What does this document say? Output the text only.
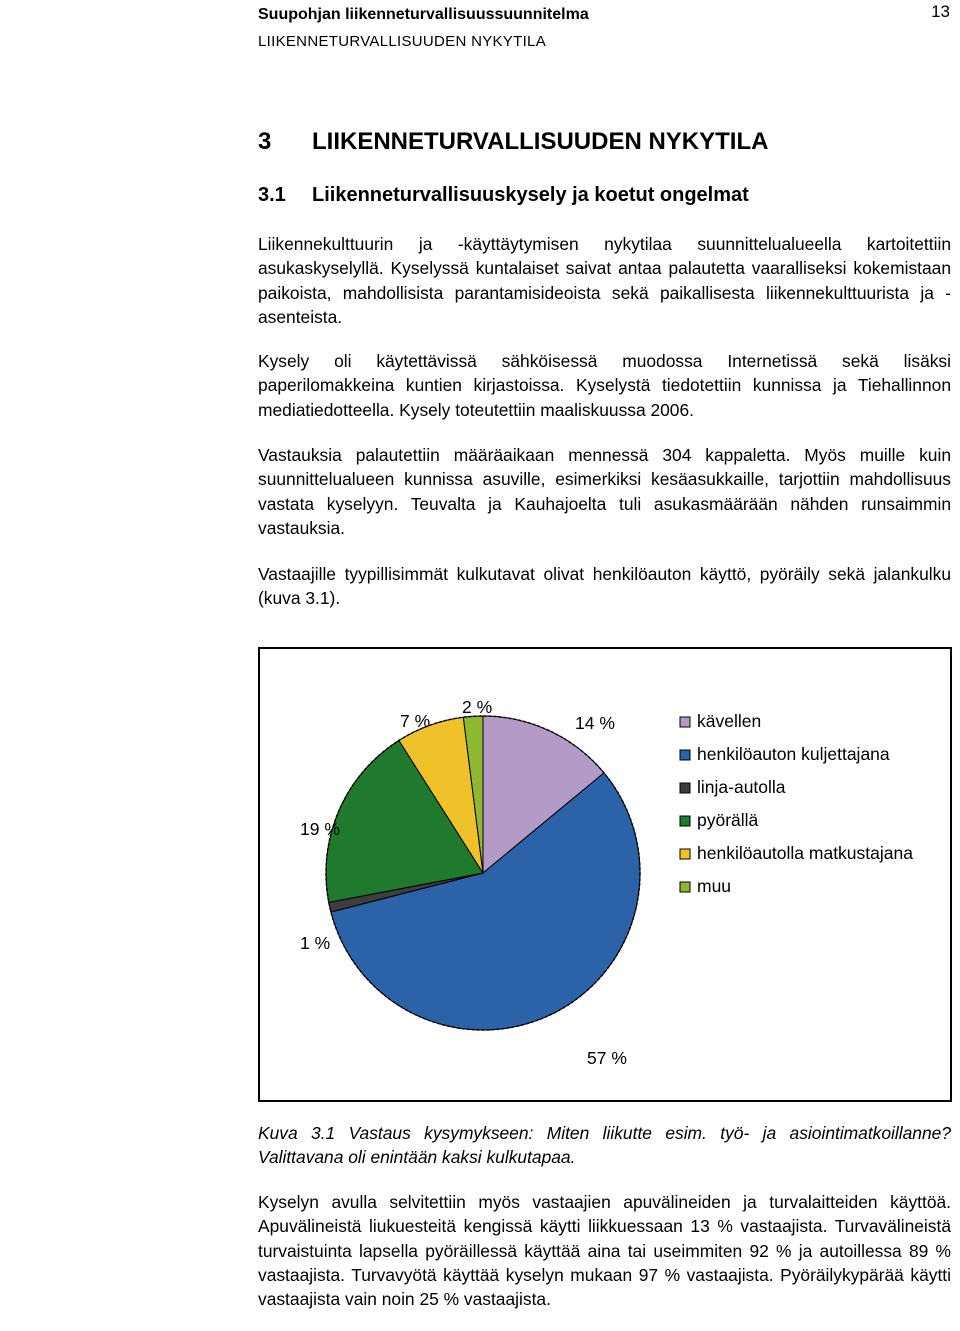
Suupohjan liikenneturvallisuussuunnitelma
LIIKENNETURVALLISUUDEN NYKYTILA
13
3 LIIKENNETURVALLISUUDEN NYKYTILA
3.1 Liikenneturvallisuuskysely ja koetut ongelmat

Liikennekulttuurin ja -käyttäytymisen nykytilaa suunnittelualueella kartoitettiin asukaskyselyllä. Kyselyssä kuntalaiset saivat antaa palautetta vaaralliseksi kokemistaan paikoista, mahdollisista parantamisideoista sekä paikallisesta liikennekulttuurista ja -asenteista.

Kysely oli käytettävissä sähköisessä muodossa Internetissä sekä lisäksi paperilomakkeina kuntien kirjastoissa. Kyselystä tiedotettiin kunnissa ja Tiehallinnon mediatiedotteella. Kysely toteutettiin maaliskuussa 2006.

Vastauksia palautettiin määräaikaan mennessä 304 kappaletta. Myös muille kuin suunnittelualueen kunnissa asuville, esimerkiksi kesäasukkaille, tarjottiin mahdollisuus vastata kyselyyn. Teuvalta ja Kauhajoelta tuli asukasmäärään nähden runsaimmin vastauksia.

Vastaajille tyypillisimmät kulkutavat olivat henkilöauton käyttö, pyöräily sekä jalankulku (kuva 3.1).

14 %
57 %
1 %
19 %
7 %
2 %
kävellen
henkilöauton kuljettajana
linja-autolla
pyörällä
henkilöautolla matkustajana
muu

Kuva 3.1 Vastaus kysymykseen: Miten liikutte esim. työ- ja asiointimatkoillanne? Valittavana oli enintään kaksi kulkutapaa.

Kyselyn avulla selvitettiin myös vastaajien apuvälineiden ja turvalaitteiden käyttöä. Apuvälineistä liukuesteitä kengissä käytti liikkuessaan 13 % vastaajista. Turvavälineistä turvaistuinta lapsella pyöräillessä käyttää aina tai useimmiten 92 % ja autoillessa 89 % vastaajista. Turvavyötä käyttää kyselyn mukaan 97 % vastaajista. Pyöräilykypärää käytti vastaajista vain noin 25 % vastaajista.
